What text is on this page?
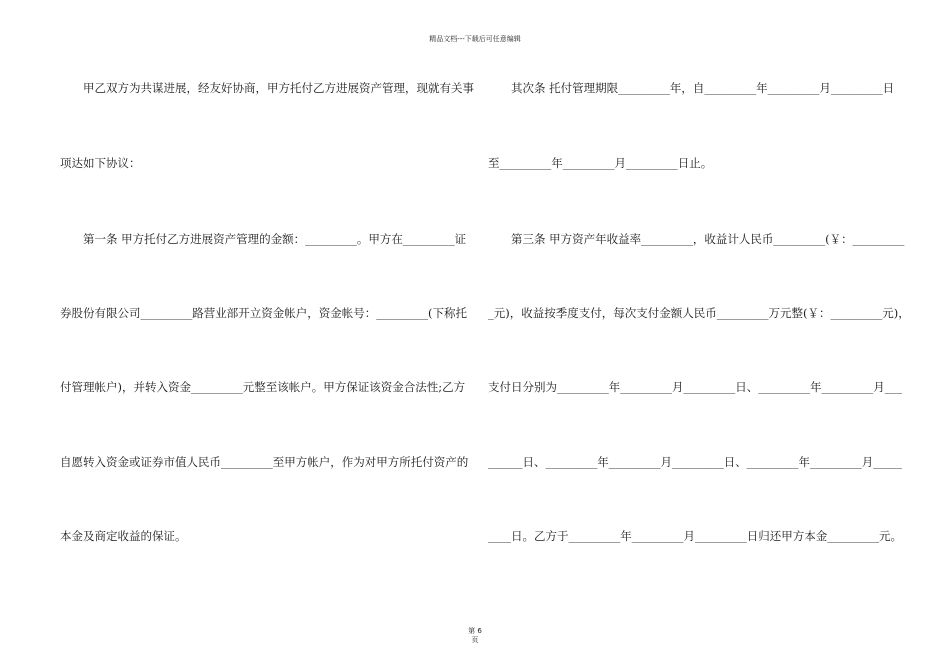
精品文档---下载后可任意编辑
　　甲乙双方为共谋进展，经友好协商，甲方托付乙方进展资产管理，现就有关事
项达如下协议：
　　第一条 甲方托付乙方进展资产管理的金额：_________。甲方在_________证
券股份有限公司_________路营业部开立资金帐户，资金帐号：_________(下称托
付管理帐户)，并转入资金_________元整至该帐户。甲方保证该资金合法性;乙方
自愿转入资金或证券市值人民币_________至甲方帐户，作为对甲方所托付资产的
本金及商定收益的保证。
　　其次条 托付管理期限_________年，自_________年_________月_________日
至_________年_________月_________日止。
　　第三条 甲方资产年收益率_________，收益计人民币_________(￥：_________
_元)，收益按季度支付，每次支付金额人民币_________万元整(￥：_________元)，
支付日分别为_________年_________月_________日、_________年_________月___
______日、_________年_________月_________日、_________年_________月_____
____日。乙方于_________年_________月_________日归还甲方本金_________元。
第 6
页
